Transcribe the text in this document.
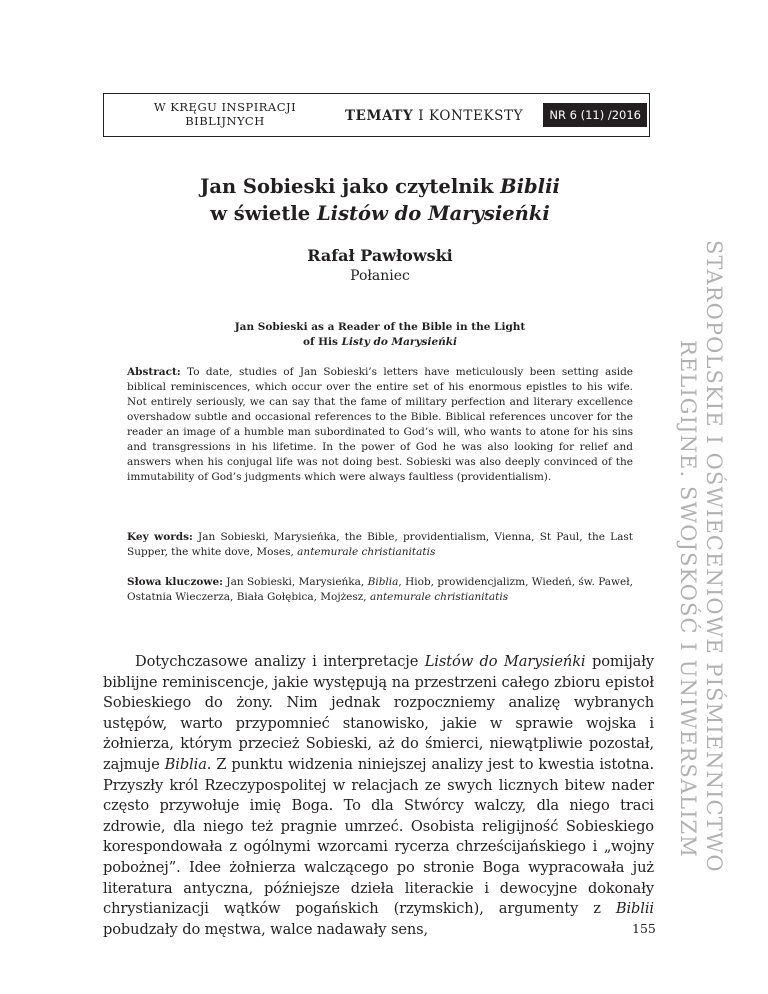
W KRĘGU INSPIRACJI
BIBLIJNYCH	TEMATY I KONTEKSTY	NR 6 (11) /2016
Jan Sobieski jako czytelnik Biblii
w świetle Listów do Marysieńki
Rafał Pawłowski
Połaniec
Jan Sobieski as a Reader of the Bible in the Light
of His Listy do Marysieńki
Abstract: To date, studies of Jan Sobieski’s letters have meticulously been setting aside biblical reminiscences, which occur over the entire set of his enormous epistles to his wife. Not entirely seriously, we can say that the fame of military perfection and literary excellence overshadow subtle and occasional references to the Bible. Biblical references uncover for the reader an image of a humble man subordinated to God’s will, who wants to atone for his sins and transgressions in his lifetime. In the power of God he was also looking for relief and answers when his conjugal life was not doing best. Sobieski was also deeply convinced of the immutability of God’s judgments which were always faultless (providentialism).
Key words: Jan Sobieski, Marysieńka, the Bible, providentialism, Vienna, St Paul, the Last Supper, the white dove, Moses, antemurale christianitatis
Słowa kluczowe: Jan Sobieski, Marysieńka, Biblia, Hiob, prowidencjalizm, Wiedeń, św. Paweł, Ostatnia Wieczerza, Biała Gołębica, Mojżesz, antemurale christianitatis

Dotychczasowe analizy i interpretacje Listów do Marysieńki pomijały biblijne reminiscencje, jakie występują na przestrzeni całego zbioru epistoł Sobieskiego do żony. Nim jednak rozpoczniemy analizę wybranych ustępów, warto przypomnieć stanowisko, jakie w sprawie wojska i żołnierza, którym przecież Sobieski, aż do śmierci, niewątpliwie pozostał, zajmuje Biblia. Z punktu widzenia niniejszej analizy jest to kwestia istotna. Przyszły król Rzeczypospolitej w relacjach ze swych licznych bitew nader często przywołuje imię Boga. To dla Stwórcy walczy, dla niego traci zdrowie, dla niego też pragnie umrzeć. Osobista religijność Sobieskiego korespondowała z ogólnymi wzorcami rycerza chrześcijańskiego i „wojny pobożnej”. Idee żołnierza walczącego po stronie Boga wypracowała już literatura antyczna, późniejsze dzieła literackie i dewocyjne dokonały chrystianizacji wątków pogańskich (rzymskich), argumenty z Biblii pobudzały do męstwa, walce nadawały sens,	155
STAROPOLSKIE I OŚWIECENIOWE PIŚMIENNICTWO
RELIGIJNE. SWOJSKOŚĆ I UNIWERSALIZM
